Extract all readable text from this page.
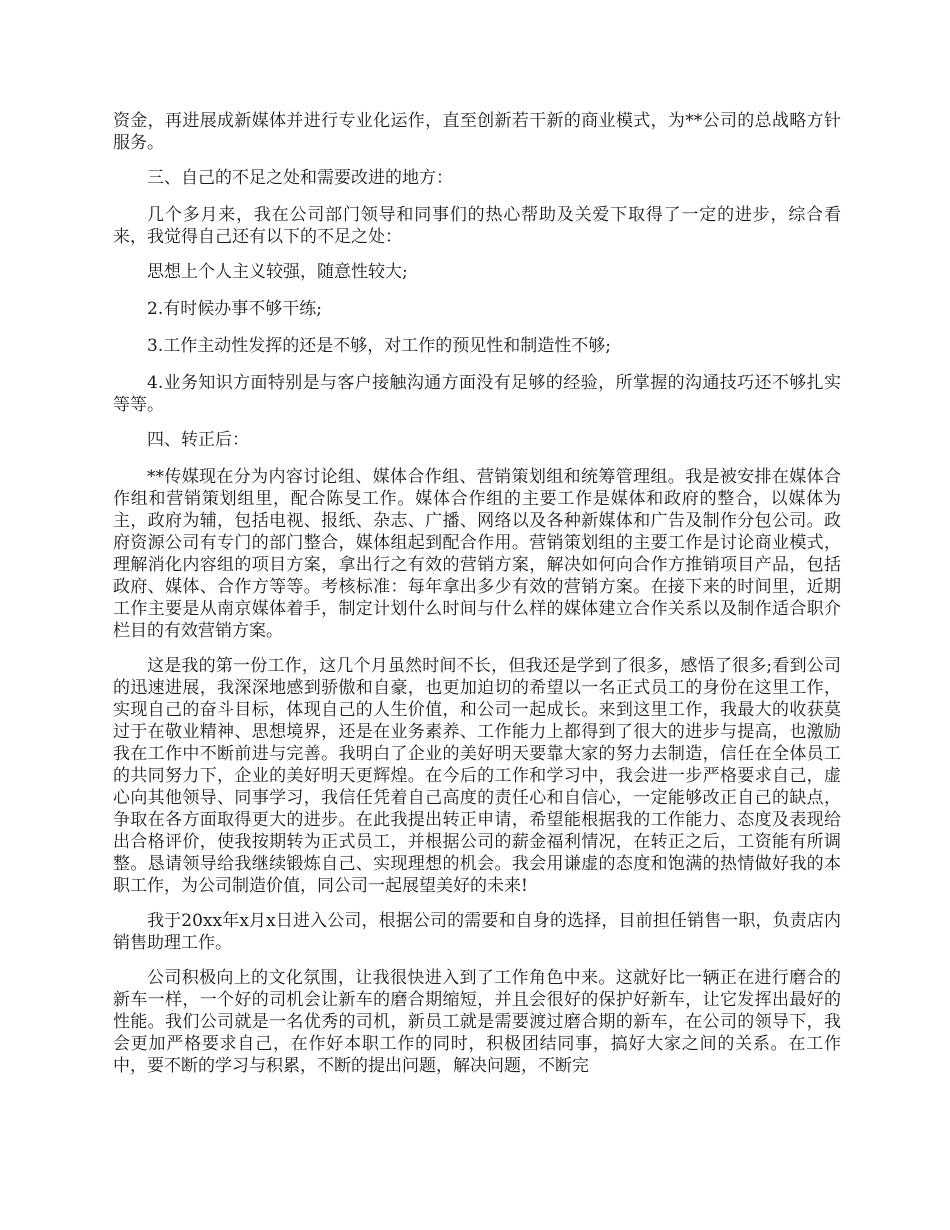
资金，再进展成新媒体并进行专业化运作，直至创新若干新的商业模式，为**公司的总战略方针服务。

三、自己的不足之处和需要改进的地方：

几个多月来，我在公司部门领导和同事们的热心帮助及关爱下取得了一定的进步，综合看来，我觉得自己还有以下的不足之处：

思想上个人主义较强，随意性较大;

2.有时候办事不够干练;

3.工作主动性发挥的还是不够，对工作的预见性和制造性不够;

4.业务知识方面特别是与客户接触沟通方面没有足够的经验，所掌握的沟通技巧还不够扎实等等。

四、转正后：

**传媒现在分为内容讨论组、媒体合作组、营销策划组和统筹管理组。我是被安排在媒体合作组和营销策划组里，配合陈旻工作。媒体合作组的主要工作是媒体和政府的整合，以媒体为主，政府为辅，包括电视、报纸、杂志、广播、网络以及各种新媒体和广告及制作分包公司。政府资源公司有专门的部门整合，媒体组起到配合作用。营销策划组的主要工作是讨论商业模式，理解消化内容组的项目方案，拿出行之有效的营销方案，解决如何向合作方推销项目产品，包括政府、媒体、合作方等等。考核标准：每年拿出多少有效的营销方案。在接下来的时间里，近期工作主要是从南京媒体着手，制定计划什么时间与什么样的媒体建立合作关系以及制作适合职介栏目的有效营销方案。

这是我的第一份工作，这几个月虽然时间不长，但我还是学到了很多，感悟了很多;看到公司的迅速进展，我深深地感到骄傲和自豪，也更加迫切的希望以一名正式员工的身份在这里工作，实现自己的奋斗目标，体现自己的人生价值，和公司一起成长。来到这里工作，我最大的收获莫过于在敬业精神、思想境界，还是在业务素养、工作能力上都得到了很大的进步与提高，也激励我在工作中不断前进与完善。我明白了企业的美好明天要靠大家的努力去制造，信任在全体员工的共同努力下，企业的美好明天更辉煌。在今后的工作和学习中，我会进一步严格要求自己，虚心向其他领导、同事学习，我信任凭着自己高度的责任心和自信心，一定能够改正自己的缺点，争取在各方面取得更大的进步。在此我提出转正申请，希望能根据我的工作能力、态度及表现给出合格评价，使我按期转为正式员工，并根据公司的薪金福利情况，在转正之后，工资能有所调整。恳请领导给我继续锻炼自己、实现理想的机会。我会用谦虚的态度和饱满的热情做好我的本职工作，为公司制造价值，同公司一起展望美好的未来!

我于20xx年x月x日进入公司，根据公司的需要和自身的选择，目前担任销售一职，负责店内销售助理工作。

公司积极向上的文化氛围，让我很快进入到了工作角色中来。这就好比一辆正在进行磨合的新车一样，一个好的司机会让新车的磨合期缩短，并且会很好的保护好新车，让它发挥出最好的性能。我们公司就是一名优秀的司机，新员工就是需要渡过磨合期的新车，在公司的领导下，我会更加严格要求自己，在作好本职工作的同时，积极团结同事，搞好大家之间的关系。在工作中，要不断的学习与积累，不断的提出问题，解决问题，不断完
